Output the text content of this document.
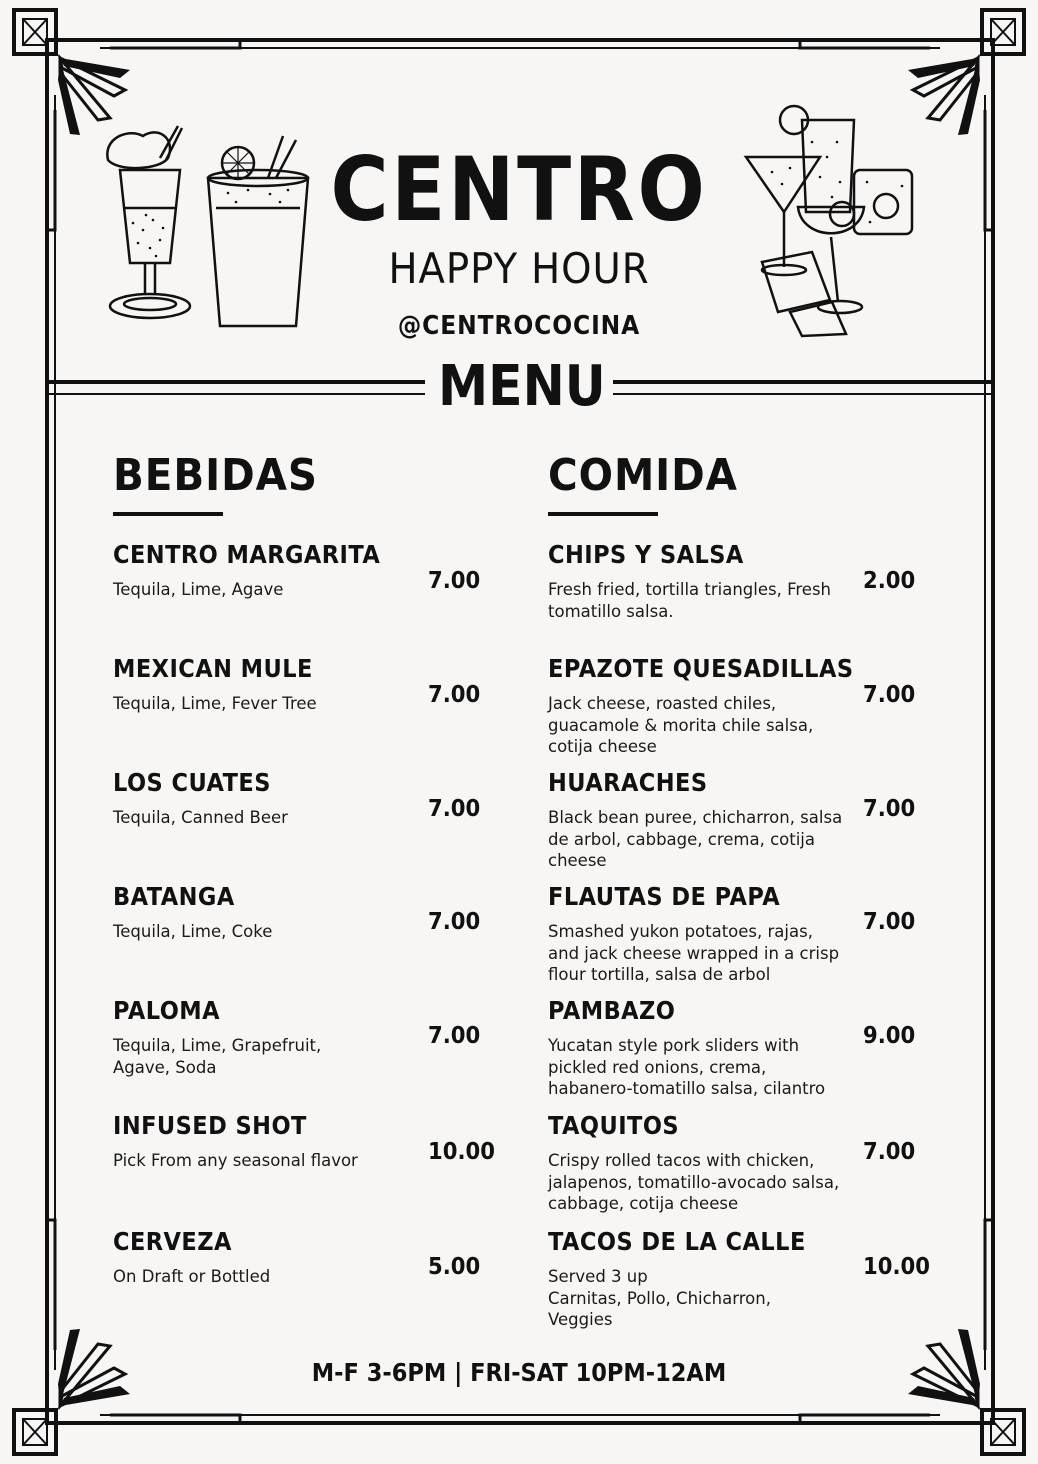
CENTRO
HAPPY HOUR
@CENTROCOCINA
MENU
BEBIDAS	COMIDA
CENTRO MARGARITA
Tequila, Lime, Agave	7.00
MEXICAN MULE
Tequila, Lime, Fever Tree	7.00
LOS CUATES
Tequila, Canned Beer	7.00
BATANGA
Tequila, Lime, Coke	7.00
PALOMA
Tequila, Lime, Grapefruit,
Agave, Soda
7.00
INFUSED SHOT
Pick From any seasonal flavor	10.00
CERVEZA
On Draft or Bottled	5.00
CHIPS Y SALSA
Fresh fried, tortilla triangles, Fresh
tomatillo salsa.
2.00
EPAZOTE QUESADILLAS
Jack cheese, roasted chiles,
guacamole & morita chile salsa,
cotija cheese
7.00
HUARACHES
Black bean puree, chicharron, salsa
de arbol, cabbage, crema, cotija
cheese
7.00
FLAUTAS DE PAPA
Smashed yukon potatoes, rajas,
and jack cheese wrapped in a crisp
flour tortilla, salsa de arbol
7.00
PAMBAZO
Yucatan style pork sliders with
pickled red onions, crema,
habanero-tomatillo salsa, cilantro
9.00
TAQUITOS
Crispy rolled tacos with chicken,
jalapenos, tomatillo-avocado salsa,
cabbage, cotija cheese
7.00
TACOS DE LA CALLE
Served 3 up
Carnitas, Pollo, Chicharron,
Veggies
10.00
M-F 3-6PM | FRI-SAT 10PM-12AM
